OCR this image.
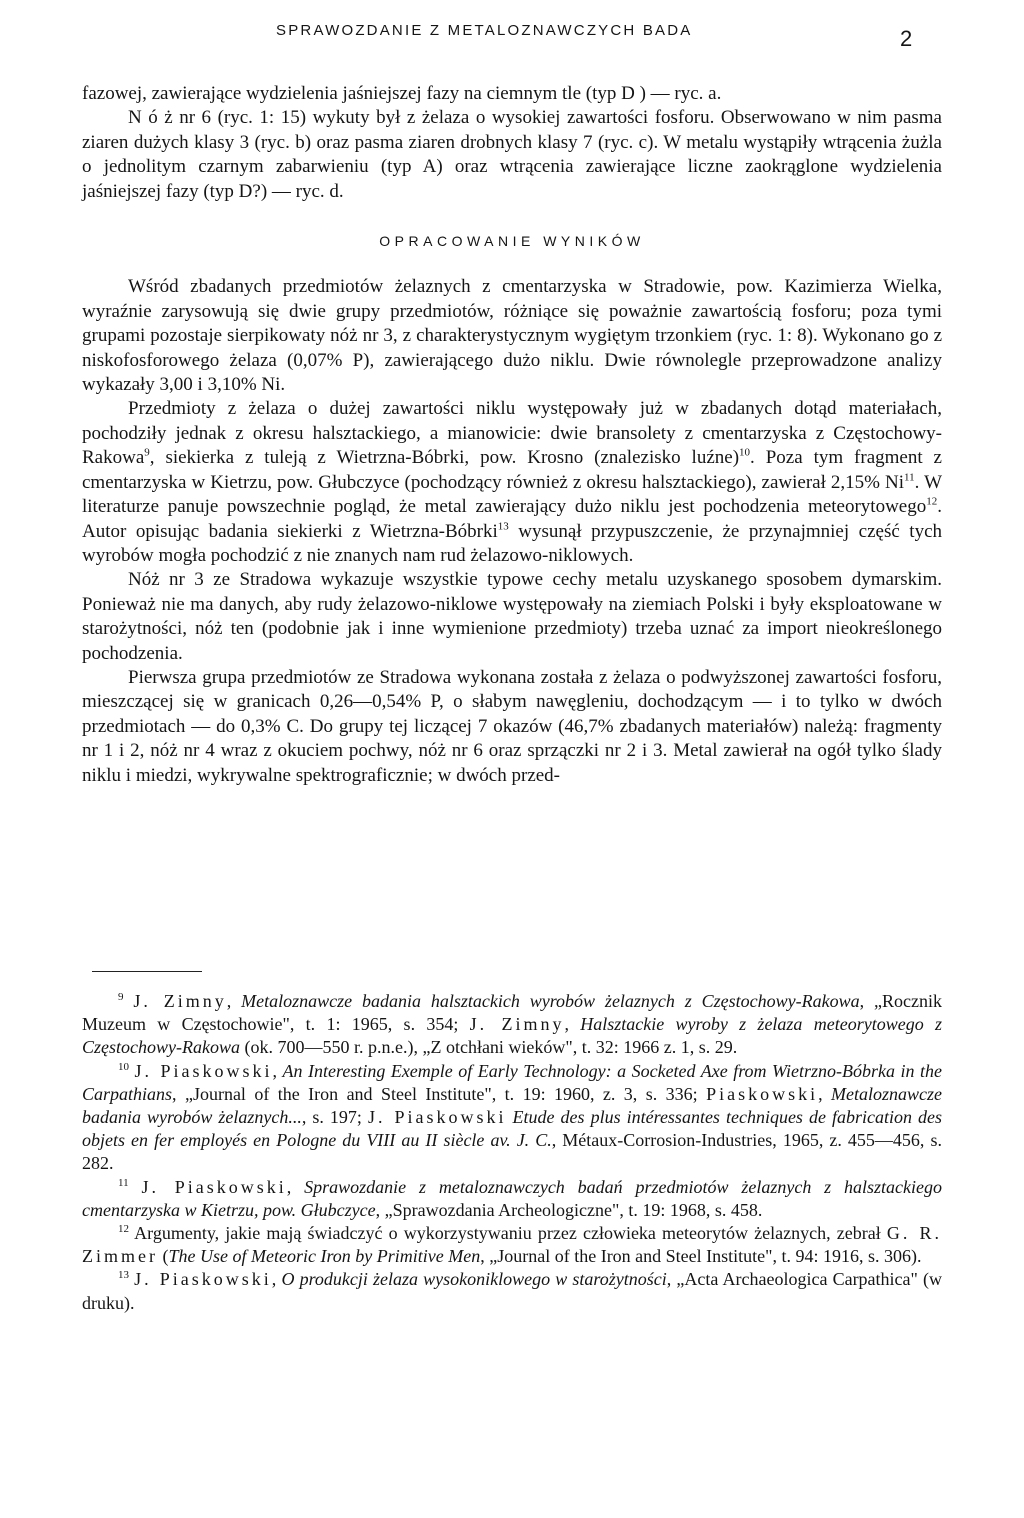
SPRAWOZDANIE Z METALOZNAWCZYCH BADA	2

fazowej, zawierające wydzielenia jaśniejszej fazy na ciemnym tle (typ D ) — ryc. a.

N ó ż nr 6 (ryc. 1: 15) wykuty był z żelaza o wysokiej zawartości fosforu. Obserwowano w nim pasma ziaren dużych klasy 3 (ryc. b) oraz pasma ziaren drobnych klasy 7 (ryc. c). W metalu wystąpiły wtrącenia żużla o jednolitym czarnym zabarwieniu (typ A) oraz wtrącenia zawierające liczne zaokrąglone wydzielenia jaśniejszej fazy (typ D?) — ryc. d.

OPRACOWANIE WYNIKÓW

Wśród zbadanych przedmiotów żelaznych z cmentarzyska w Stradowie, pow. Kazimierza Wielka, wyraźnie zarysowują się dwie grupy przedmiotów, różniące się poważnie zawartością fosforu; poza tymi grupami pozostaje sierpikowaty nóż nr 3, z charakterystycznym wygiętym trzonkiem (ryc. 1: 8). Wykonano go z niskofosforowego żelaza (0,07% P), zawierającego dużo niklu. Dwie równolegle przeprowadzone analizy wykazały 3,00 i 3,10% Ni.

Przedmioty z żelaza o dużej zawartości niklu występowały już w zbadanych dotąd materiałach, pochodziły jednak z okresu halsztackiego, a mianowicie: dwie bransolety z cmentarzyska z Częstochowy-Rakowa$^9$, siekierka z tuleją z Wietrzna-Bóbrki, pow. Krosno (znalezisko luźne)$^{10}$. Poza tym fragment z cmentarzyska w Kietrzu, pow. Głubczyce (pochodzący również z okresu halsztackiego), zawierał 2,15% Ni$^{11}$. W literaturze panuje powszechnie pogląd, że metal zawierający dużo niklu jest pochodzenia meteorytowego$^{12}$. Autor opisując badania siekierki z Wietrzna-Bóbrki$^{13}$ wysunął przypuszczenie, że przynajmniej część tych wyrobów mogła pochodzić z nie znanych nam rud żelazowo-niklowych.

Nóż nr 3 ze Stradowa wykazuje wszystkie typowe cechy metalu uzyskanego sposobem dymarskim. Ponieważ nie ma danych, aby rudy żelazowo-niklowe występowały na ziemiach Polski i były eksploatowane w starożytności, nóż ten (podobnie jak i inne wymienione przedmioty) trzeba uznać za import nieokreślonego pochodzenia.

Pierwsza grupa przedmiotów ze Stradowa wykonana została z żelaza o podwyższonej zawartości fosforu, mieszczącej się w granicach 0,26—0,54% P, o słabym nawęgleniu, dochodzącym — i to tylko w dwóch przedmiotach — do 0,3% C. Do grupy tej liczącej 7 okazów (46,7% zbadanych materiałów) należą: fragmenty nr 1 i 2, nóż nr 4 wraz z okuciem pochwy, nóż nr 6 oraz sprzączki nr 2 i 3. Metal zawierał na ogół tylko ślady niklu i miedzi, wykrywalne spektrograficznie; w dwóch przed-

$^9$ J. Zimny, Metaloznawcze badania halsztackich wyrobów żelaznych z Częstochowy-Rakowa, „Rocznik Muzeum w Częstochowie", t. 1: 1965, s. 354; J. Zimny, Halsztackie wyroby z żelaza meteorytowego z Częstochowy-Rakowa (ok. 700—550 r. p.n.e.), „Z otchłani wieków", t. 32: 1966 z. 1, s. 29.

$^{10}$ J. Piaskowski, An Interesting Exemple of Early Technology: a Socketed Axe from Wietrzno-Bóbrka in the Carpathians, „Journal of the Iron and Steel Institute", t. 19: 1960, z. 3, s. 336; Piaskowski, Metaloznawcze badania wyrobów żelaznych..., s. 197; J. Piaskowski Etude des plus intéressantes techniques de fabrication des objets en fer employés en Pologne du VIII au II siècle av. J. C., Métaux-Corrosion-Industries, 1965, z. 455—456, s. 282.

$^{11}$ J. Piaskowski, Sprawozdanie z metaloznawczych badań przedmiotów żelaznych z halsztackiego cmentarzyska w Kietrzu, pow. Głubczyce, „Sprawozdania Archeologiczne", t. 19: 1968, s. 458.

$^{12}$ Argumenty, jakie mają świadczyć o wykorzystywaniu przez człowieka meteorytów żelaznych, zebrał G. R. Zimmer (The Use of Meteoric Iron by Primitive Men, „Journal of the Iron and Steel Institute", t. 94: 1916, s. 306).

$^{13}$ J. Piaskowski, O produkcji żelaza wysokoniklowego w starożytności, „Acta Archaeologica Carpathica" (w druku).
